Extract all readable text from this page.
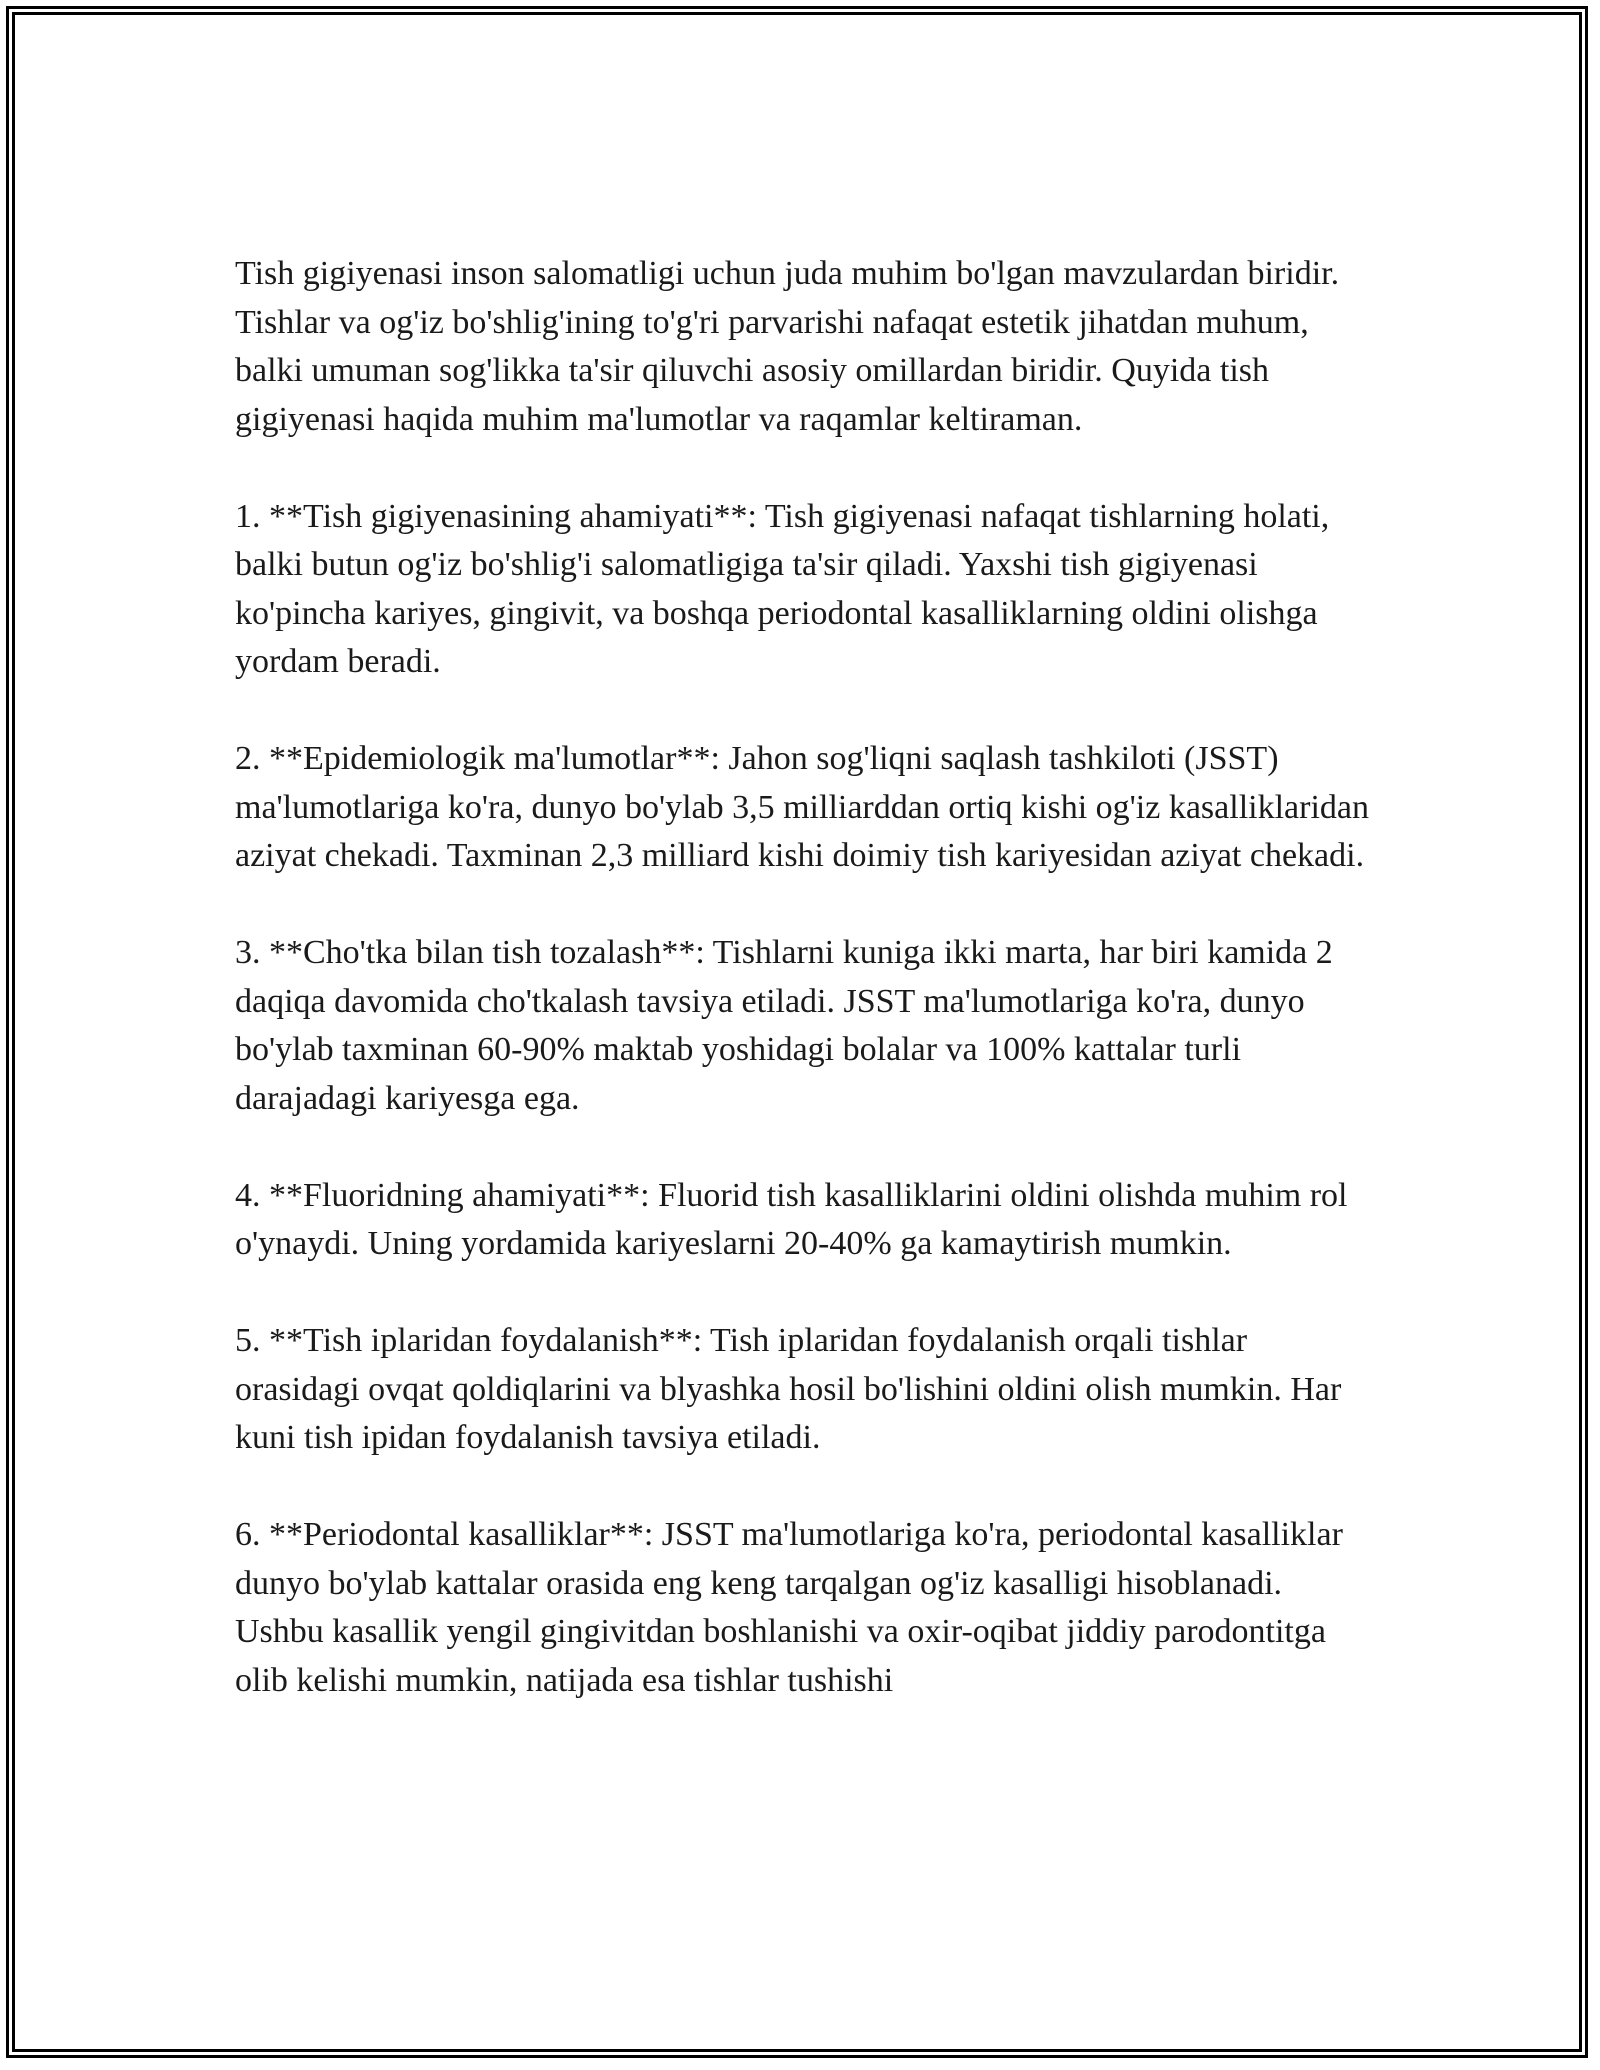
Tish gigiyenasi inson salomatligi uchun juda muhim bo'lgan mavzulardan biridir. Tishlar va og'iz bo'shlig'ining to'g'ri parvarishi nafaqat estetik jihatdan muhum, balki umuman sog'likka ta'sir qiluvchi asosiy omillardan biridir. Quyida tish gigiyenasi haqida muhim ma'lumotlar va raqamlar keltiraman.

1. **Tish gigiyenasining ahamiyati**: Tish gigiyenasi nafaqat tishlarning holati, balki butun og'iz bo'shlig'i salomatligiga ta'sir qiladi. Yaxshi tish gigiyenasi ko'pincha kariyes, gingivit, va boshqa periodontal kasalliklarning oldini olishga yordam beradi.

2. **Epidemiologik ma'lumotlar**: Jahon sog'liqni saqlash tashkiloti (JSST) ma'lumotlariga ko'ra, dunyo bo'ylab 3,5 milliarddan ortiq kishi og'iz kasalliklaridan aziyat chekadi. Taxminan 2,3 milliard kishi doimiy tish kariyesidan aziyat chekadi.

3. **Cho'tka bilan tish tozalash**: Tishlarni kuniga ikki marta, har biri kamida 2 daqiqa davomida cho'tkalash tavsiya etiladi. JSST ma'lumotlariga ko'ra, dunyo bo'ylab taxminan 60-90% maktab yoshidagi bolalar va 100% kattalar turli darajadagi kariyesga ega.

4. **Fluoridning ahamiyati**: Fluorid tish kasalliklarini oldini olishda muhim rol o'ynaydi. Uning yordamida kariyeslarni 20-40% ga kamaytirish mumkin.

5. **Tish iplaridan foydalanish**: Tish iplaridan foydalanish orqali tishlar orasidagi ovqat qoldiqlarini va blyashka hosil bo'lishini oldini olish mumkin. Har kuni tish ipidan foydalanish tavsiya etiladi.

6. **Periodontal kasalliklar**: JSST ma'lumotlariga ko'ra, periodontal kasalliklar dunyo bo'ylab kattalar orasida eng keng tarqalgan og'iz kasalligi hisoblanadi. Ushbu kasallik yengil gingivitdan boshlanishi va oxir-oqibat jiddiy parodontitga olib kelishi mumkin, natijada esa tishlar tushishi
